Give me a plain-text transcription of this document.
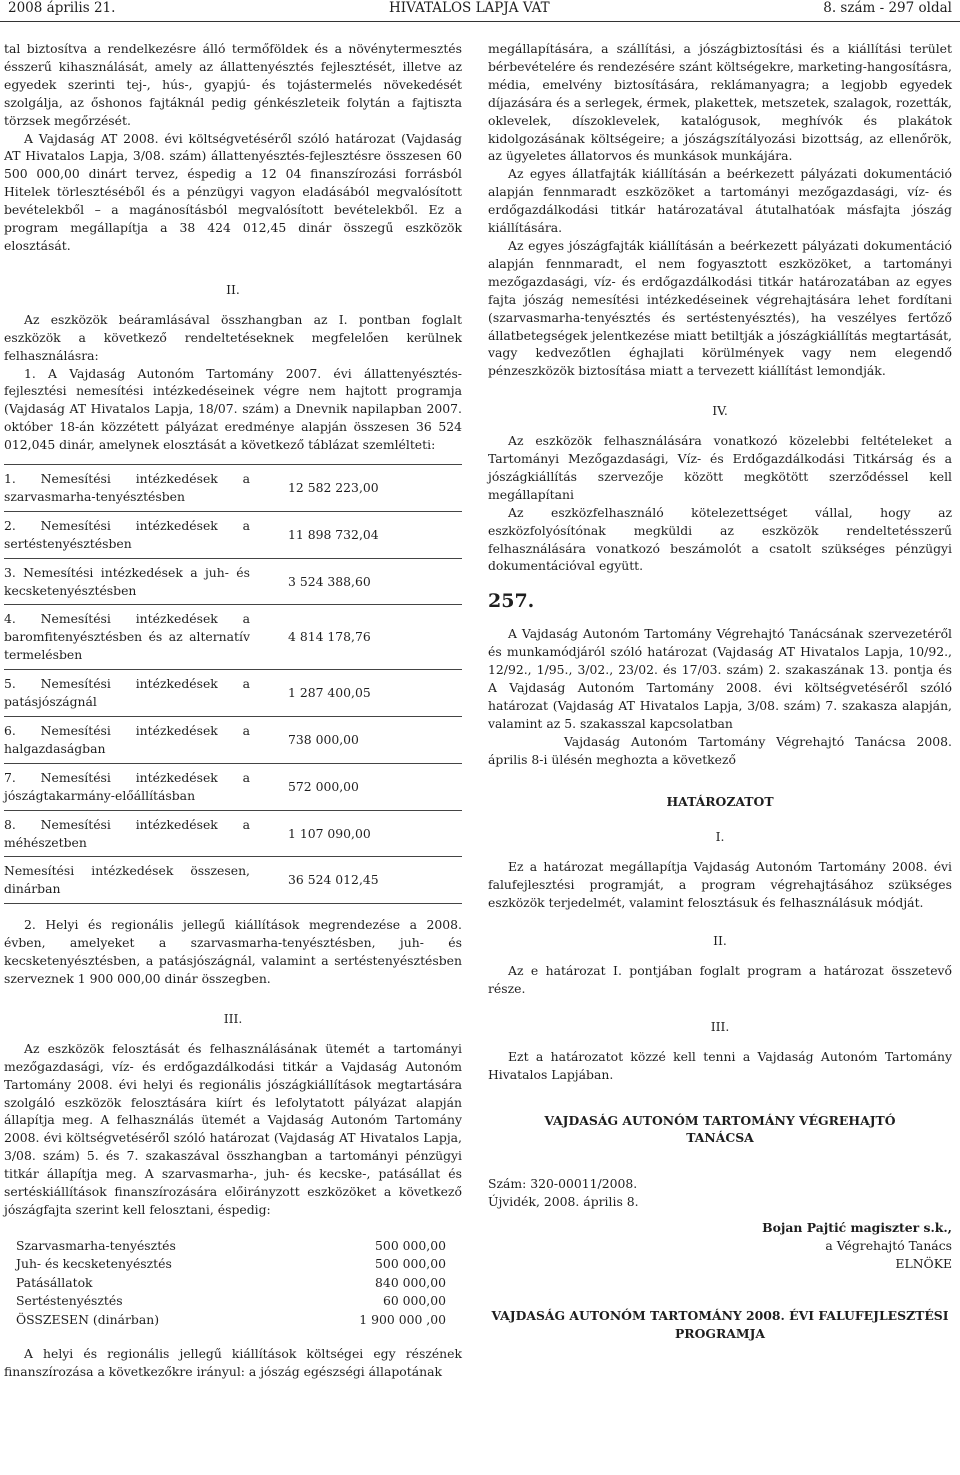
2008 április 21.	HIVATALOS LAPJA VAT	8. szám - 297 oldal

tal biztosítva a rendelkezésre álló termőföldek és a növénytermesztés ésszerű kihasználását, amely az állattenyésztés fejlesztését, illetve az egyedek szerinti tej-, hús-, gyapjú- és tojástermelés növekedését szolgálja, az őshonos fajtáknál pedig génkészleteik folytán a fajtiszta törzsek megőrzését.

A Vajdaság AT 2008. évi költségvetéséről szóló határozat (Vajdaság AT Hivatalos Lapja, 3/08. szám) állattenyésztés-fejlesztésre összesen 60 500 000,00 dinárt tervez, éspedig a 12 04 finanszírozási forrásból Hitelek törlesztéséből és a pénzügyi vagyon eladásából megvalósított bevételekből – a magánosításból megvalósított bevételekből. Ez a program megállapítja a 38 424 012,45 dinár összegű eszközök elosztását.

II.

Az eszközök beáramlásával összhangban az I. pontban foglalt eszközök a következő rendeltetéseknek megfelelően kerülnek felhasználásra:

1. A Vajdaság Autonóm Tartomány 2007. évi állattenyésztés-fejlesztési nemesítési intézkedéseinek végre nem hajtott programja (Vajdaság AT Hivatalos Lapja, 18/07. szám) a Dnevnik napilapban 2007. október 18-án közzétett pályázat eredménye alapján összesen 36 524 012,045 dinár, amelynek elosztását a következő táblázat szemlélteti:

1. Nemesítési intézkedések a szarvasmarha-tenyésztésben	12 582 223,00
2. Nemesítési intézkedések a sertéstenyésztésben	11 898 732,04
3. Nemesítési intézkedések a juh- és kecsketenyésztésben	3 524 388,60
4. Nemesítési intézkedések a baromfitenyésztésben és az alternatív termelésben	4 814 178,76
5. Nemesítési intézkedések a patásjószágnál	1 287 400,05
6. Nemesítési intézkedések a halgazdaságban	738 000,00
7. Nemesítési intézkedések a jószágtakarmány-előállításban	572 000,00
8. Nemesítési intézkedések a méhészetben	1 107 090,00
Nemesítési intézkedések összesen, dinárban	36 524 012,45

2. Helyi és regionális jellegű kiállítások megrendezése a 2008. évben, amelyeket a szarvasmarha-tenyésztésben, juh- és kecsketenyésztésben, a patásjószágnál, valamint a sertéstenyésztésben szerveznek 1 900 000,00 dinár összegben.

III.

Az eszközök felosztását és felhasználásának ütemét a tartományi mezőgazdasági, víz- és erdőgazdálkodási titkár a Vajdaság Autonóm Tartomány 2008. évi helyi és regionális jószágkiállítások megtartására szolgáló eszközök felosztására kiírt és lefolytatott pályázat alapján állapítja meg. A felhasználás ütemét a Vajdaság Autonóm Tartomány 2008. évi költségvetéséről szóló határozat (Vajdaság AT Hivatalos Lapja, 3/08. szám) 5. és 7. szakaszával összhangban a tartományi pénzügyi titkár állapítja meg. A szarvasmarha-, juh- és kecske-, patásállat és sertéskiállítások finanszírozására előirányzott eszközöket a következő jószágfajta szerint kell felosztani, éspedig:

Szarvasmarha-tenyésztés	500 000,00
Juh- és kecsketenyésztés	500 000,00
Patásállatok	840 000,00
Sertéstenyésztés	60 000,00
ÖSSZESEN (dinárban)	1 900 000 ,00

A helyi és regionális jellegű kiállítások költségei egy részének finanszírozása a következőkre irányul: a jószág egészségi állapotának

megállapítására, a szállítási, a jószágbiztosítási és a kiállítási terület bérbevételére és rendezésére szánt költségekre, marketing-hangosításra, média, emelvény biztosítására, reklámanyagra; a legjobb egyedek díjazására és a serlegek, érmek, plakettek, metszetek, szalagok, rozetták, oklevelek, díszoklevelek, katalógusok, meghívók és plakátok kidolgozásának költségeire; a jószágszítályozási bizottság, az ellenőrök, az ügyeletes állatorvos és munkások munkájára.

Az egyes állatfajták kiállításán a beérkezett pályázati dokumentáció alapján fennmaradt eszközöket a tartományi mezőgazdasági, víz- és erdőgazdálkodási titkár határozatával átutalhatóak másfajta jószág kiállítására.

Az egyes jószágfajták kiállításán a beérkezett pályázati dokumentáció alapján fennmaradt, el nem fogyasztott eszközöket, a tartományi mezőgazdasági, víz- és erdőgazdálkodási titkár határozatában az egyes fajta jószág nemesítési intézkedéseinek végrehajtására lehet fordítani (szarvasmarha-tenyésztés és sertéstenyésztés), ha veszélyes fertőző állatbetegségek jelentkezése miatt betiltják a jószágkiállítás megtartását, vagy kedvezőtlen éghajlati körülmények vagy nem elegendő pénzeszközök biztosítása miatt a tervezett kiállítást lemondják.

IV.

Az eszközök felhasználására vonatkozó közelebbi feltételeket a Tartományi Mezőgazdasági, Víz- és Erdőgazdálkodási Titkárság és a jószágkiállítás szervezője között megkötött szerződéssel kell megállapítani

Az eszközfelhasználó kötelezettséget vállal, hogy az eszközfolyósítónak megküldi az eszközök rendeltetésszerű felhasználására vonatkozó beszámolót a csatolt szükséges pénzügyi dokumentációval együtt.

257.

A Vajdaság Autonóm Tartomány Végrehajtó Tanácsának szervezetéről és munkamódjáról szóló határozat (Vajdaság AT Hivatalos Lapja, 10/92., 12/92., 1/95., 3/02., 23/02. és 17/03. szám) 2. szakaszának 13. pontja és A Vajdaság Autonóm Tartomány 2008. évi költségvetéséről szóló határozat (Vajdaság AT Hivatalos Lapja, 3/08. szám) 7. szakasza alapján, valamint az 5. szakasszal kapcsolatban

Vajdaság Autonóm Tartomány Végrehajtó Tanácsa 2008. április 8-i ülésén meghozta a következő

HATÁROZATOT
I.

Ez a határozat megállapítja Vajdaság Autonóm Tartomány 2008. évi falufejlesztési programját, a program végrehajtásához szükséges eszközök terjedelmét, valamint felosztásuk és felhasználásuk módját.

II.

Az e határozat I. pontjában foglalt program a határozat összetevő része.

III.

Ezt a határozatot közzé kell tenni a Vajdaság Autonóm Tartomány Hivatalos Lapjában.

VAJDASÁG AUTONÓM TARTOMÁNY VÉGREHAJTÓ TANÁCSA
Szám: 320-00011/2008.
Újvidék, 2008. április 8.
Bojan Pajtić magiszter s.k.,
a Végrehajtó Tanács
ELNÖKE
VAJDASÁG AUTONÓM TARTOMÁNY 2008. ÉVI FALUFEJLESZTÉSI PROGRAMJA
